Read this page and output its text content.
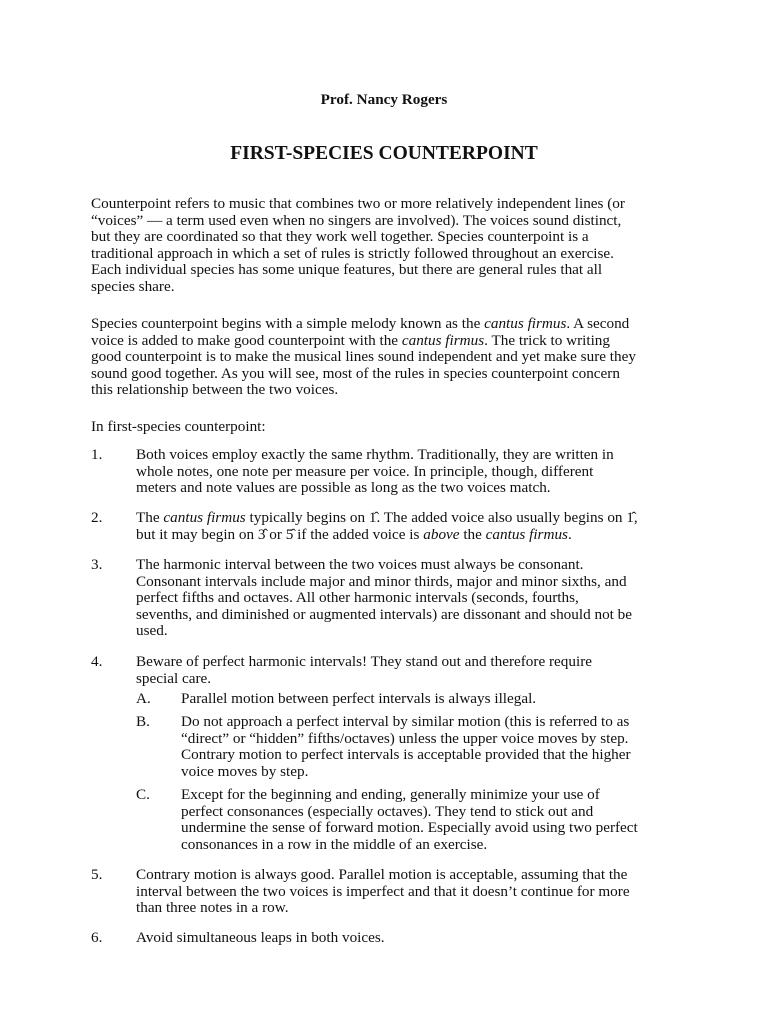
Prof. Nancy Rogers
FIRST-SPECIES COUNTERPOINT
Counterpoint refers to music that combines two or more relatively independent lines (or
“voices” — a term used even when no singers are involved). The voices sound distinct,
but they are coordinated so that they work well together. Species counterpoint is a
traditional approach in which a set of rules is strictly followed throughout an exercise.
Each individual species has some unique features, but there are general rules that all
species share.
Species counterpoint begins with a simple melody known as the cantus firmus. A second
voice is added to make good counterpoint with the cantus firmus. The trick to writing
good counterpoint is to make the musical lines sound independent and yet make sure they
sound good together. As you will see, most of the rules in species counterpoint concern
this relationship between the two voices.
In first-species counterpoint:
1. Both voices employ exactly the same rhythm. Traditionally, they are written in
whole notes, one note per measure per voice. In principle, though, different
meters and note values are possible as long as the two voices match.
2. The cantus firmus typically begins on 1̂. The added voice also usually begins on 1̂,
but it may begin on 3̂ or 5̂ if the added voice is above the cantus firmus.
3. The harmonic interval between the two voices must always be consonant.
Consonant intervals include major and minor thirds, major and minor sixths, and
perfect fifths and octaves. All other harmonic intervals (seconds, fourths,
sevenths, and diminished or augmented intervals) are dissonant and should not be
used.
4. Beware of perfect harmonic intervals! They stand out and therefore require
special care.
A. Parallel motion between perfect intervals is always illegal.
B. Do not approach a perfect interval by similar motion (this is referred to as
“direct” or “hidden” fifths/octaves) unless the upper voice moves by step.
Contrary motion to perfect intervals is acceptable provided that the higher
voice moves by step.
C. Except for the beginning and ending, generally minimize your use of
perfect consonances (especially octaves). They tend to stick out and
undermine the sense of forward motion. Especially avoid using two perfect
consonances in a row in the middle of an exercise.
5. Contrary motion is always good. Parallel motion is acceptable, assuming that the
interval between the two voices is imperfect and that it doesn’t continue for more
than three notes in a row.
6. Avoid simultaneous leaps in both voices.
